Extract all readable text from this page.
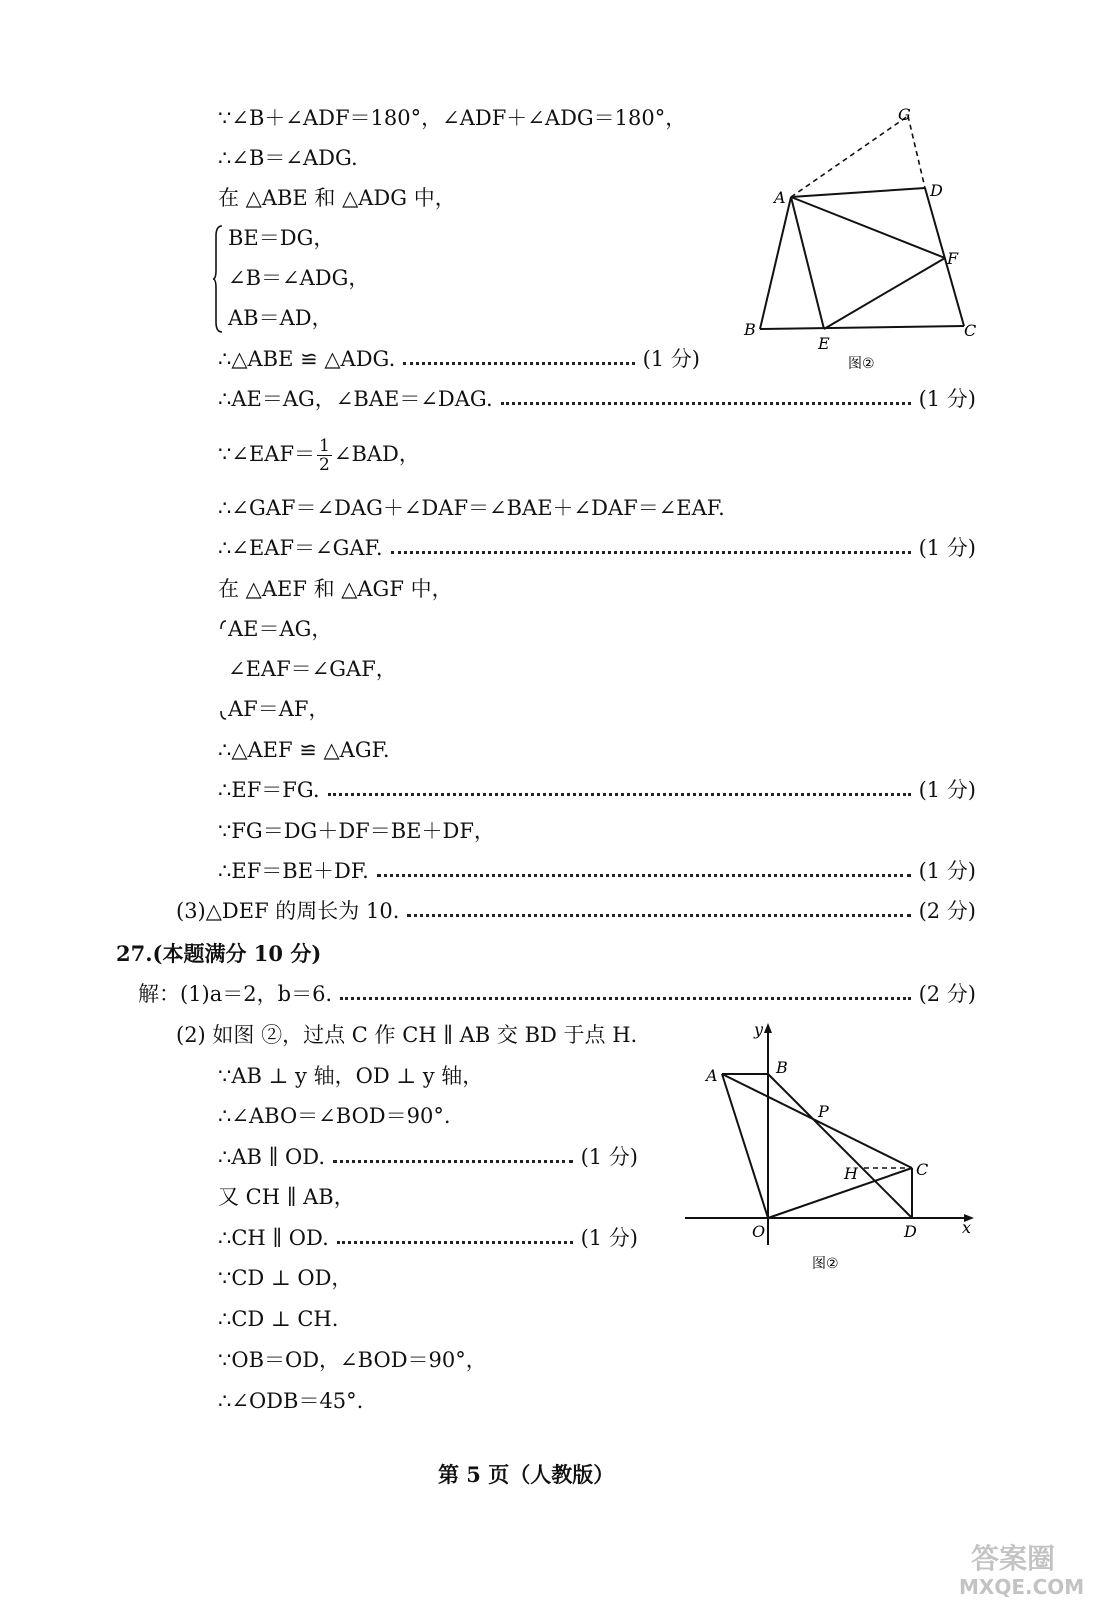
∵∠B＋∠ADF＝180°，∠ADF＋∠ADG＝180°，
∴∠B＝∠ADG.
在 △ABE 和 △ADG 中，
BE＝DG，
∠B＝∠ADG，
AB＝AD，
∴△ABE ≌ △ADG.	(1 分)
∴AE＝AG，∠BAE＝∠DAG.	(1 分)
∵∠EAF＝ $\frac{1}{2}$ ∠BAD，
∴∠GAF＝∠DAG＋∠DAF＝∠BAE＋∠DAF＝∠EAF.
∴∠EAF＝∠GAF.	(1 分)
在 △AEF 和 △AGF 中，
AE＝AG，
∠EAF＝∠GAF，
AF＝AF，
∴△AEF ≌ △AGF.
∴EF＝FG.	(1 分)
∵FG＝DG＋DF＝BE＋DF，
∴EF＝BE＋DF.	(1 分)
(3)△DEF 的周长为 10.	(2 分)
A
B	C
D
E
F
G
图②
27.(本题满分 10 分)
解：(1)a＝2，b＝6.	(2 分)
(2) 如图 ②，过点 C 作 CH ∥ AB 交 BD 于点 H.
∵AB ⊥ y 轴，OD ⊥ y 轴，
∴∠ABO＝∠BOD＝90°.
∴AB ∥ OD.	(1 分)
又 CH ∥ AB，
∴CH ∥ OD.	(1 分)
∵CD ⊥ OD，
∴CD ⊥ CH.
∵OB＝OD，∠BOD＝90°，
∴∠ODB＝45°.
A	B
C
D
H
P
O	x
y
图②
第 5 页（人教版）
答案圈
MXQE.COM
